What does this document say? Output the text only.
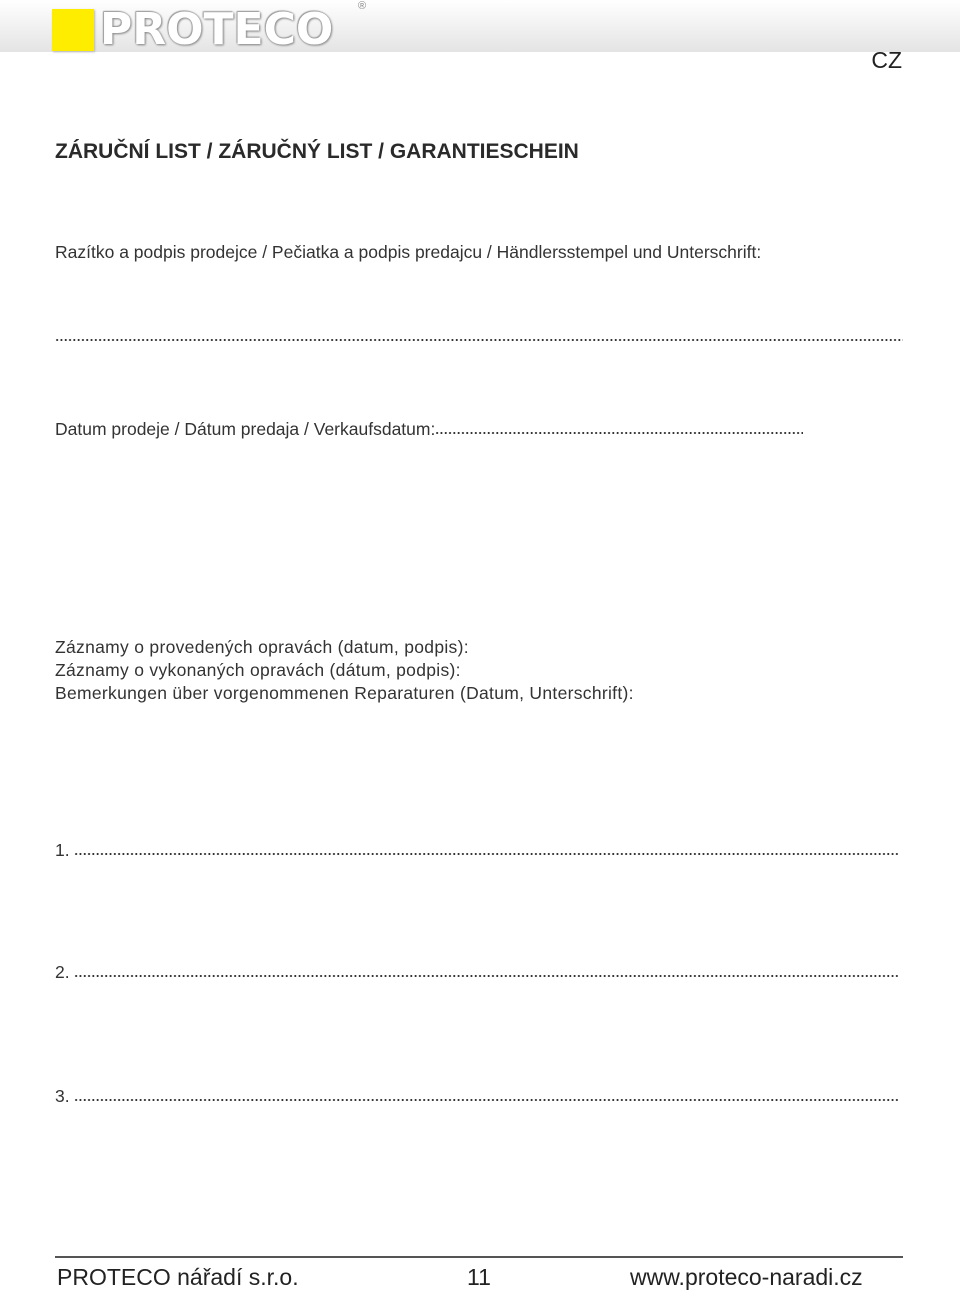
PROTECO ®
CZ
ZÁRUČNÍ LIST / ZÁRUČNÝ LIST / GARANTIESCHEIN
Razítko a podpis prodejce / Pečiatka a podpis predajcu / Händlersstempel und Unterschrift:
Datum prodeje / Dátum predaja / Verkaufsdatum:
Záznamy o provedených opravách (datum, podpis):
Záznamy o vykonaných opravách (dátum, podpis):
Bemerkungen über vorgenommenen Reparaturen (Datum, Unterschrift):
1.
2.
3.
PROTECO nářadí s.r.o.	11	www.proteco-naradi.cz
